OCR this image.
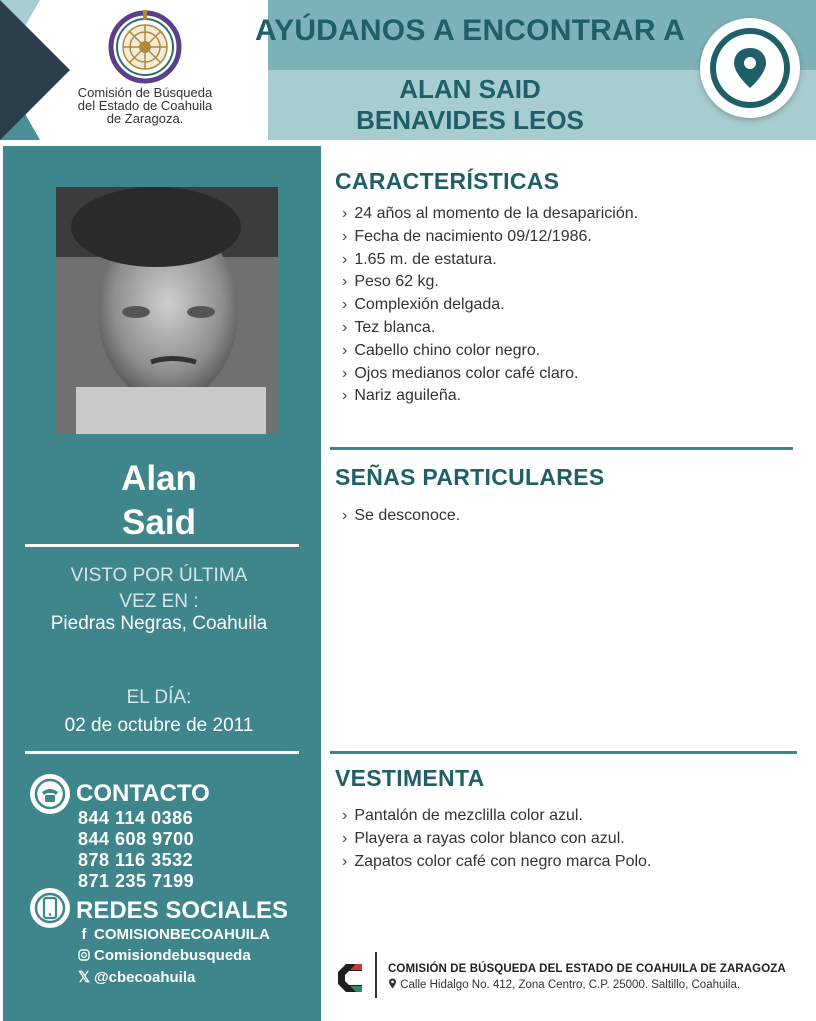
Comisión de Búsqueda
del Estado de Coahuila
de Zaragoza.
AYÚDANOS A ENCONTRAR A
ALAN SAID
BENAVIDES LEOS
Alan
Said
VISTO POR ÚLTIMA
VEZ EN :
Piedras Negras, Coahuila
EL DÍA:
02 de octubre de 2011
CONTACTO
844 114 0386
844 608 9700
878 116 3532
871 235 7199
REDES SOCIALES
f COMISIONBECOAHUILA
Comisiondebusqueda
𝕏 @cbecoahuila
CARACTERÍSTICAS
› 24 años al momento de la desaparición.
› Fecha de nacimiento 09/12/1986.
› 1.65 m. de estatura.
› Peso 62 kg.
› Complexión delgada.
› Tez blanca.
› Cabello chino color negro.
› Ojos medianos color café claro.
› Nariz aguileña.
SEÑAS PARTICULARES
› Se desconoce.
VESTIMENTA
› Pantalón de mezclilla color azul.
› Playera a rayas color blanco con azul.
› Zapatos color café con negro marca Polo.
COMISIÓN DE BÚSQUEDA DEL ESTADO DE COAHUILA DE ZARAGOZA
Calle Hidalgo No. 412, Zona Centro, C.P. 25000. Saltillo, Coahuila.
